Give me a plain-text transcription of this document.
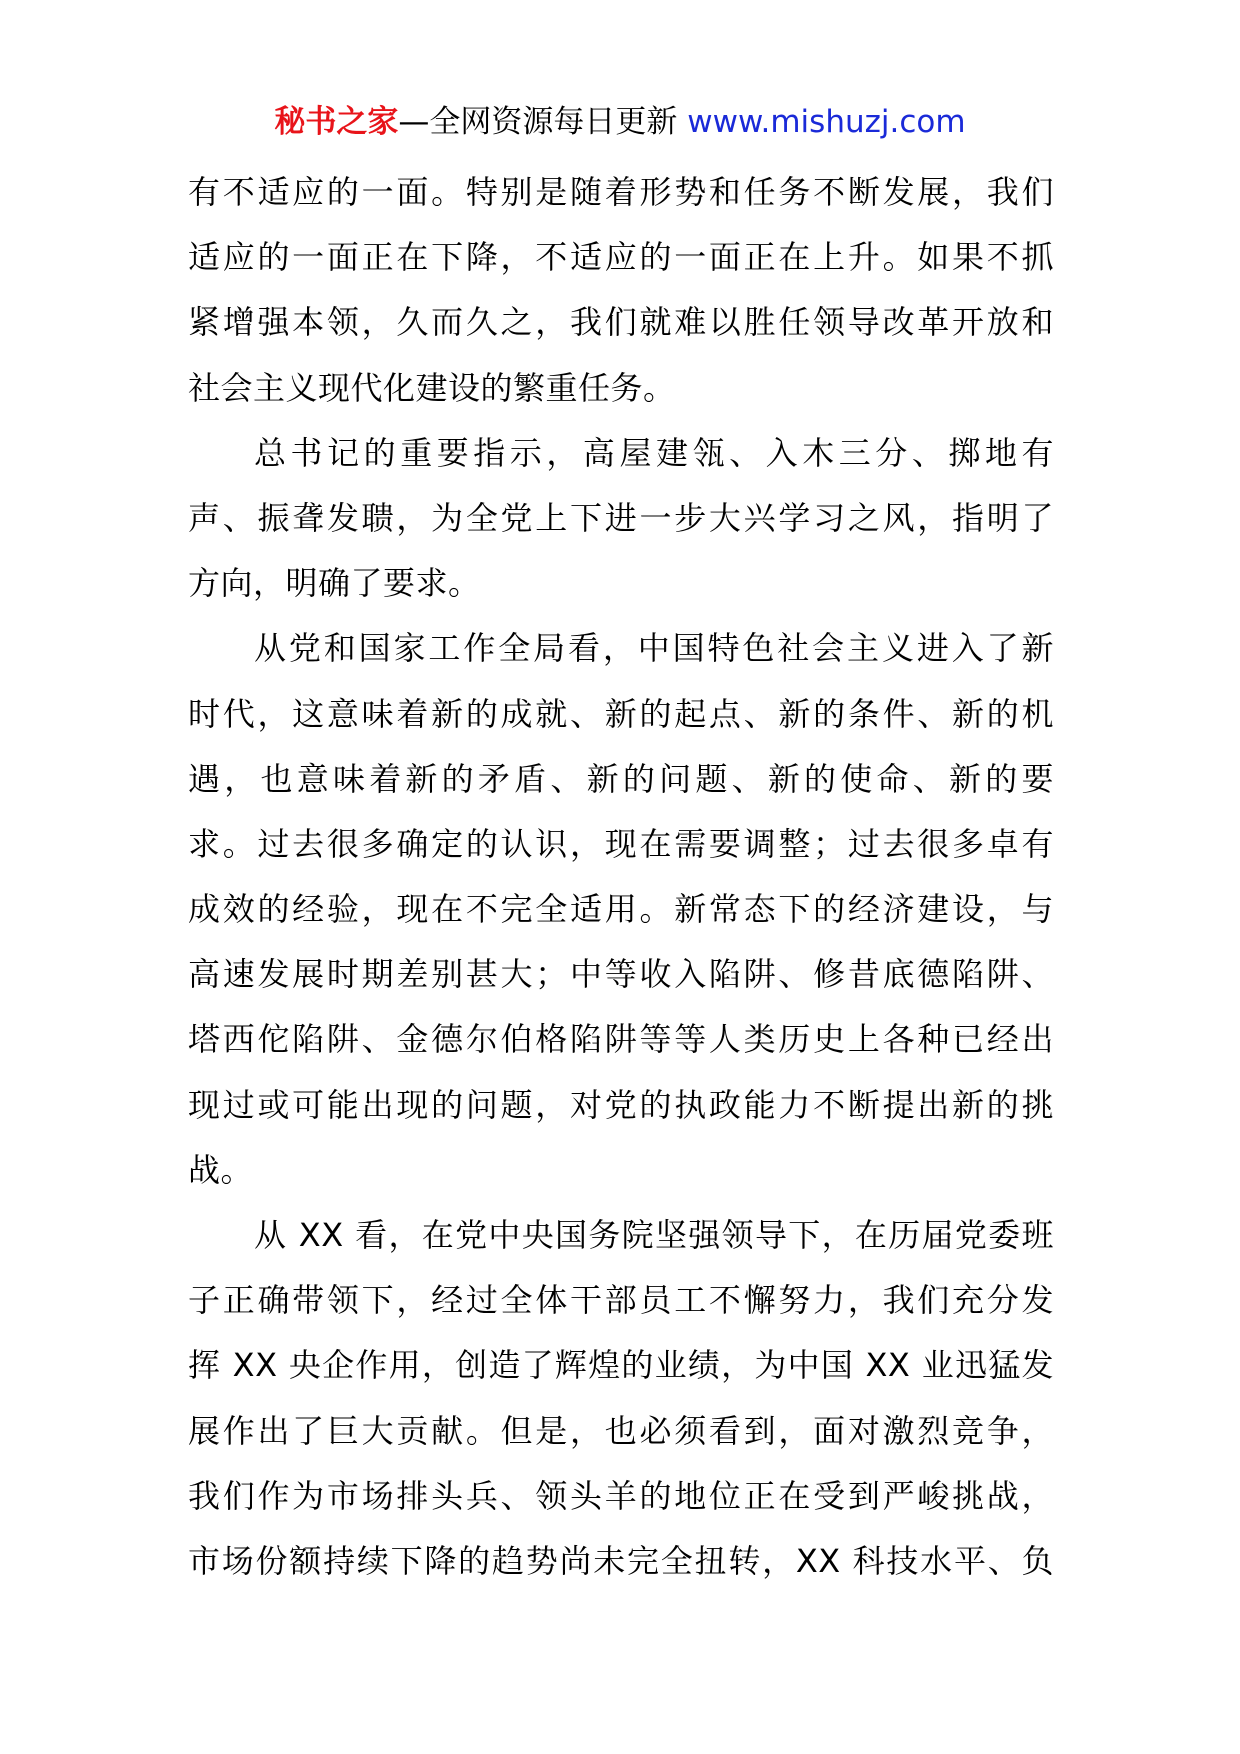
秘书之家—全网资源每日更新 www.mishuzj.com
有不适应的一面。特别是随着形势和任务不断发展，我们
适应的一面正在下降，不适应的一面正在上升。如果不抓
紧增强本领，久而久之，我们就难以胜任领导改革开放和
社会主义现代化建设的繁重任务。
总书记的重要指示，高屋建瓴、入木三分、掷地有
声、振聋发聩，为全党上下进一步大兴学习之风，指明了
方向，明确了要求。
从党和国家工作全局看，中国特色社会主义进入了新
时代，这意味着新的成就、新的起点、新的条件、新的机
遇，也意味着新的矛盾、新的问题、新的使命、新的要
求。过去很多确定的认识，现在需要调整；过去很多卓有
成效的经验，现在不完全适用。新常态下的经济建设，与
高速发展时期差别甚大；中等收入陷阱、修昔底德陷阱、
塔西佗陷阱、金德尔伯格陷阱等等人类历史上各种已经出
现过或可能出现的问题，对党的执政能力不断提出新的挑
战。
从 XX 看，在党中央国务院坚强领导下，在历届党委班
子正确带领下，经过全体干部员工不懈努力，我们充分发
挥 XX 央企作用，创造了辉煌的业绩，为中国 XX 业迅猛发
展作出了巨大贡献。但是，也必须看到，面对激烈竞争，
我们作为市场排头兵、领头羊的地位正在受到严峻挑战，
市场份额持续下降的趋势尚未完全扭转，XX 科技水平、负
